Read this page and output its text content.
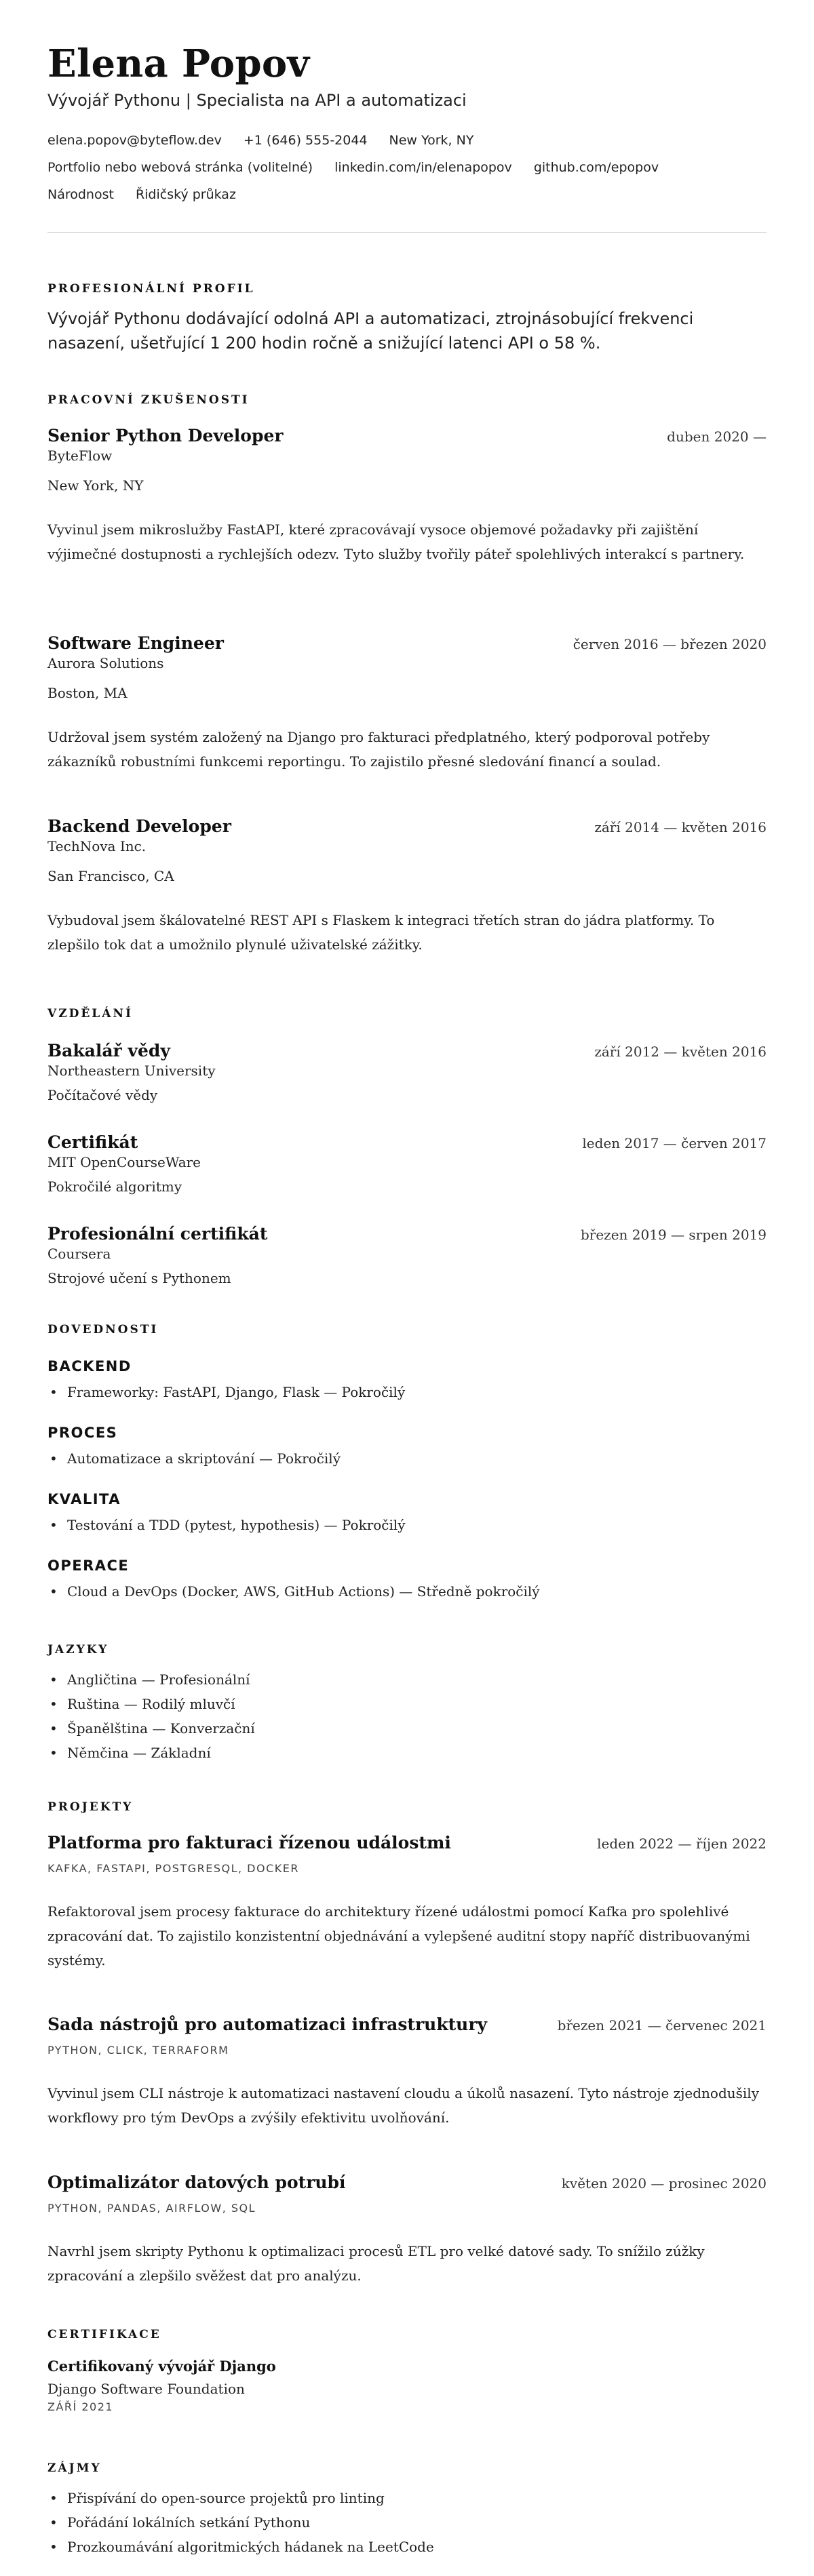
Elena Popov
Vývojář Pythonu | Specialista na API a automatizaci
elena.popov@byteflow.dev +1 (646) 555-2044 New York, NY
Portfolio nebo webová stránka (volitelné) linkedin.com/in/elenapopov github.com/epopov
Národnost Řidičský průkaz
PROFESIONÁLNÍ PROFIL
Vývojář Pythonu dodávající odolná API a automatizaci, ztrojnásobující frekvenci nasazení, ušetřující 1 200 hodin ročně a snižující latenci API o 58 %.
PRACOVNÍ ZKUŠENOSTI
Senior Python Developer	duben 2020 —
ByteFlow
New York, NY
Vyvinul jsem mikroslužby FastAPI, které zpracovávají vysoce objemové požadavky při zajištění výjimečné dostupnosti a rychlejších odezv. Tyto služby tvořily páteř spolehlivých interakcí s partnery.
Software Engineer	červen 2016 — březen 2020
Aurora Solutions
Boston, MA
Udržoval jsem systém založený na Django pro fakturaci předplatného, který podporoval potřeby zákazníků robustními funkcemi reportingu. To zajistilo přesné sledování financí a soulad.
Backend Developer	září 2014 — květen 2016
TechNova Inc.
San Francisco, CA
Vybudoval jsem škálovatelné REST API s Flaskem k integraci třetích stran do jádra platformy. To zlepšilo tok dat a umožnilo plynulé uživatelské zážitky.
VZDĚLÁNÍ
Bakalář vědy	září 2012 — květen 2016
Northeastern University
Počítačové vědy
Certifikát	leden 2017 — červen 2017
MIT OpenCourseWare
Pokročilé algoritmy
Profesionální certifikát	březen 2019 — srpen 2019
Coursera
Strojové učení s Pythonem
DOVEDNOSTI
BACKEND
• Frameworky: FastAPI, Django, Flask — Pokročilý
PROCES
• Automatizace a skriptování — Pokročilý
KVALITA
• Testování a TDD (pytest, hypothesis) — Pokročilý
OPERACE
• Cloud a DevOps (Docker, AWS, GitHub Actions) — Středně pokročilý
JAZYKY
• Angličtina — Profesionální
• Ruština — Rodilý mluvčí
• Španělština — Konverzační
• Němčina — Základní
PROJEKTY
Platforma pro fakturaci řízenou událostmi	leden 2022 — říjen 2022
KAFKA, FASTAPI, POSTGRESQL, DOCKER
Refaktoroval jsem procesy fakturace do architektury řízené událostmi pomocí Kafka pro spolehlivé zpracování dat. To zajistilo konzistentní objednávání a vylepšené auditní stopy napříč distribuovanými systémy.
Sada nástrojů pro automatizaci infrastruktury	březen 2021 — červenec 2021
PYTHON, CLICK, TERRAFORM
Vyvinul jsem CLI nástroje k automatizaci nastavení cloudu a úkolů nasazení. Tyto nástroje zjednodušily workflowy pro tým DevOps a zvýšily efektivitu uvolňování.
Optimalizátor datových potrubí	květen 2020 — prosinec 2020
PYTHON, PANDAS, AIRFLOW, SQL
Navrhl jsem skripty Pythonu k optimalizaci procesů ETL pro velké datové sady. To snížilo zúžky zpracování a zlepšilo svěžest dat pro analýzu.
CERTIFIKACE
Certifikovaný vývojář Django
Django Software Foundation
ZÁŘÍ 2021
ZÁJMY
• Přispívání do open-source projektů pro linting
• Pořádání lokálních setkání Pythonu
• Prozkoumávání algoritmických hádanek na LeetCode
